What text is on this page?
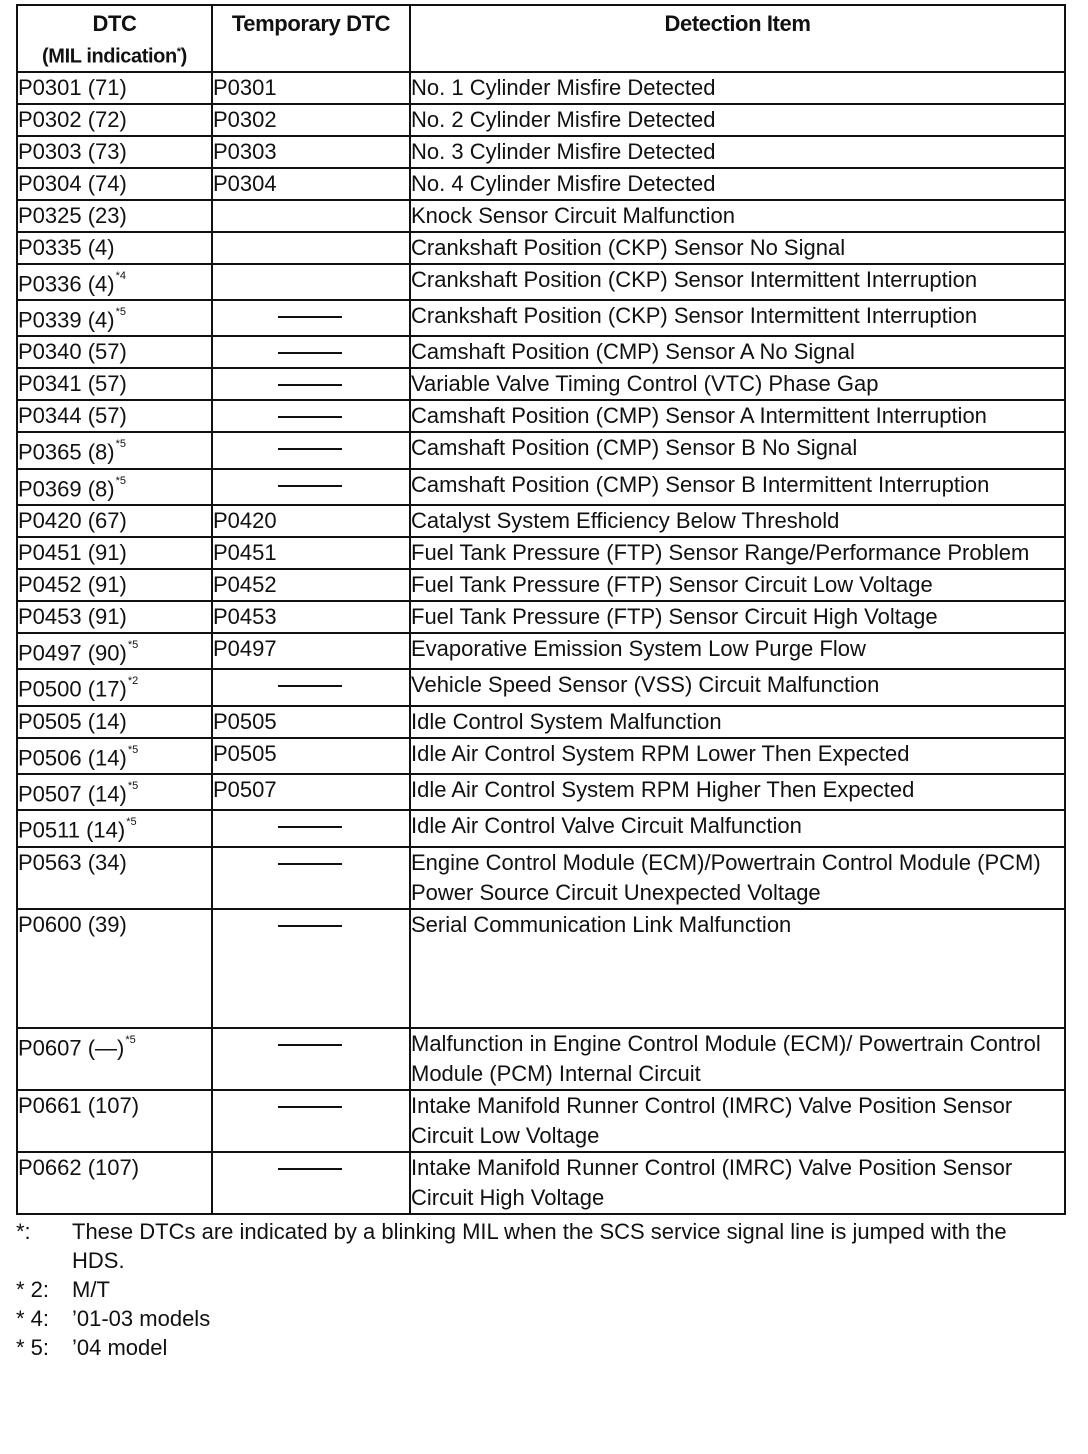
DTC
(MIL indication*)	Temporary DTC	Detection Item
P0301 (71)	P0301	No. 1 Cylinder Misfire Detected
P0302 (72)	P0302	No. 2 Cylinder Misfire Detected
P0303 (73)	P0303	No. 3 Cylinder Misfire Detected
P0304 (74)	P0304	No. 4 Cylinder Misfire Detected
P0325 (23)		Knock Sensor Circuit Malfunction
P0335 (4)		Crankshaft Position (CKP) Sensor No Signal
P0336 $(4)^{*4}$		Crankshaft Position (CKP) Sensor Intermittent Interruption
P0339 $(4)^{*5}$		Crankshaft Position (CKP) Sensor Intermittent Interruption
P0340 (57)		Camshaft Position (CMP) Sensor A No Signal
P0341 (57)		Variable Valve Timing Control (VTC) Phase Gap
P0344 (57)		Camshaft Position (CMP) Sensor A Intermittent Interruption
P0365 $(8)^{*5}$		Camshaft Position (CMP) Sensor B No Signal
P0369 $(8)^{*5}$		Camshaft Position (CMP) Sensor B Intermittent Interruption
P0420 (67)	P0420	Catalyst System Efficiency Below Threshold
P0451 (91)	P0451	Fuel Tank Pressure (FTP) Sensor Range/Performance Problem
P0452 (91)	P0452	Fuel Tank Pressure (FTP) Sensor Circuit Low Voltage
P0453 (91)	P0453	Fuel Tank Pressure (FTP) Sensor Circuit High Voltage
P0497 $(90)^{*5}$	P0497	Evaporative Emission System Low Purge Flow
P0500 $(17)^{*2}$		Vehicle Speed Sensor (VSS) Circuit Malfunction
P0505 (14)	P0505	Idle Control System Malfunction
P0506 $(14)^{*5}$	P0505	Idle Air Control System RPM Lower Then Expected
P0507 $(14)^{*5}$	P0507	Idle Air Control System RPM Higher Then Expected
P0511 $(14)^{*5}$		Idle Air Control Valve Circuit Malfunction
P0563 (34)		Engine Control Module (ECM)/Powertrain Control Module (PCM) Power Source Circuit Unexpected Voltage
P0600 (39)		Serial Communication Link Malfunction
P0607 (—)$^{*5}$		Malfunction in Engine Control Module (ECM)/ Powertrain Control Module (PCM) Internal Circuit
P0661 (107)		Intake Manifold Runner Control (IMRC) Valve Position Sensor Circuit Low Voltage
P0662 (107)		Intake Manifold Runner Control (IMRC) Valve Position Sensor Circuit High Voltage
*:	These DTCs are indicated by a blinking MIL when the SCS service signal line is jumped with the HDS.
* 2:	M/T
* 4:	’01-03 models
* 5:	’04 model
